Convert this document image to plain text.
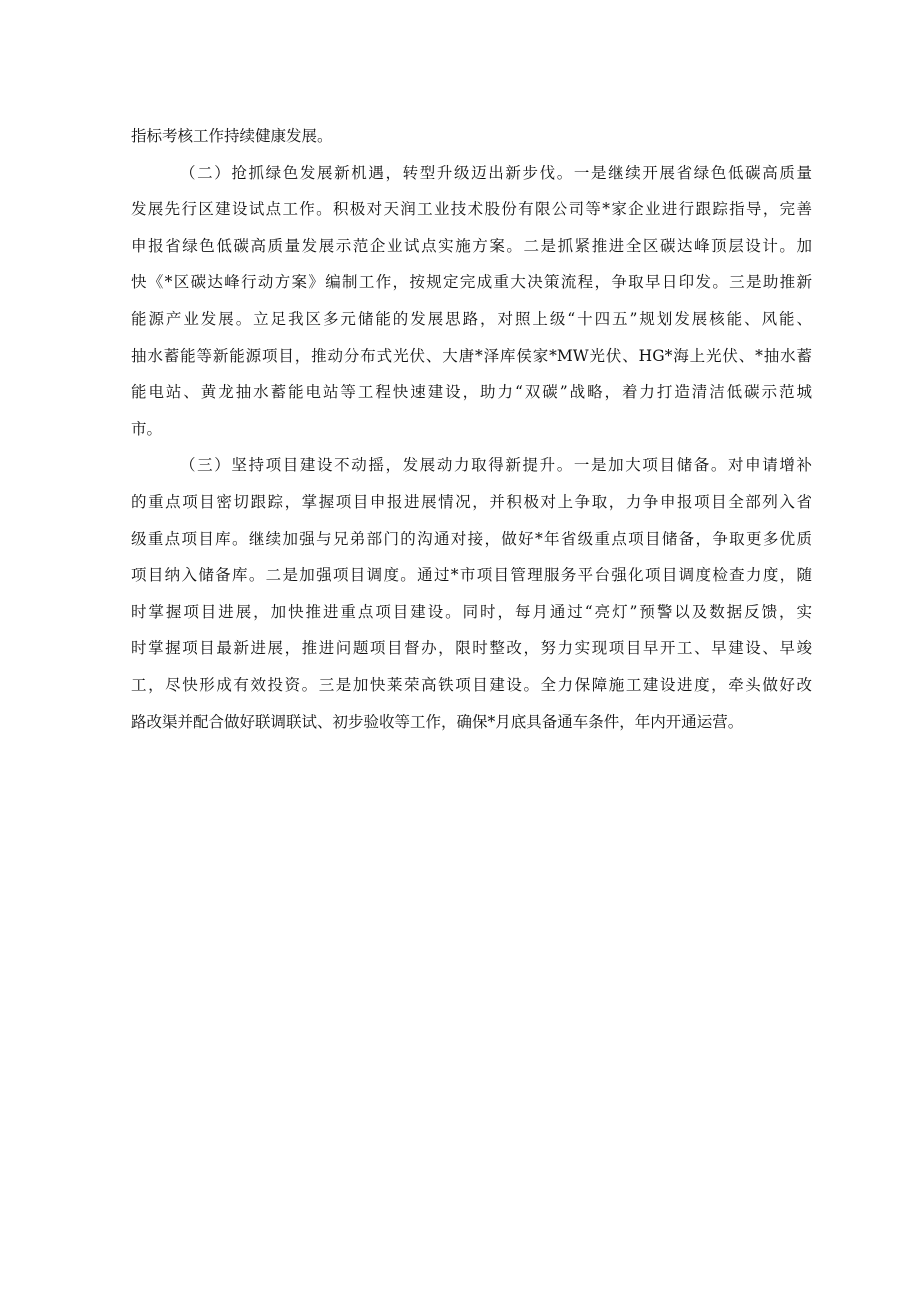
指标考核工作持续健康发展。
（二）抢抓绿色发展新机遇，转型升级迈出新步伐。一是继续开展省绿色低碳高质量
发展先行区建设试点工作。积极对天润工业技术股份有限公司等*家企业进行跟踪指导，完善
申报省绿色低碳高质量发展示范企业试点实施方案。二是抓紧推进全区碳达峰顶层设计。加
快《*区碳达峰行动方案》编制工作，按规定完成重大决策流程，争取早日印发。三是助推新
能源产业发展。立足我区多元储能的发展思路，对照上级“十四五”规划发展核能、风能、
抽水蓄能等新能源项目，推动分布式光伏、大唐*泽库侯家*MW光伏、HG*海上光伏、*抽水蓄
能电站、黄龙抽水蓄能电站等工程快速建设，助力“双碳”战略，着力打造清洁低碳示范城
市。
（三）坚持项目建设不动摇，发展动力取得新提升。一是加大项目储备。对申请增补
的重点项目密切跟踪，掌握项目申报进展情况，并积极对上争取，力争申报项目全部列入省
级重点项目库。继续加强与兄弟部门的沟通对接，做好*年省级重点项目储备，争取更多优质
项目纳入储备库。二是加强项目调度。通过*市项目管理服务平台强化项目调度检查力度，随
时掌握项目进展，加快推进重点项目建设。同时，每月通过“亮灯”预警以及数据反馈，实
时掌握项目最新进展，推进问题项目督办，限时整改，努力实现项目早开工、早建设、早竣
工，尽快形成有效投资。三是加快莱荣高铁项目建设。全力保障施工建设进度，牵头做好改
路改渠并配合做好联调联试、初步验收等工作，确保*月底具备通车条件，年内开通运营。
